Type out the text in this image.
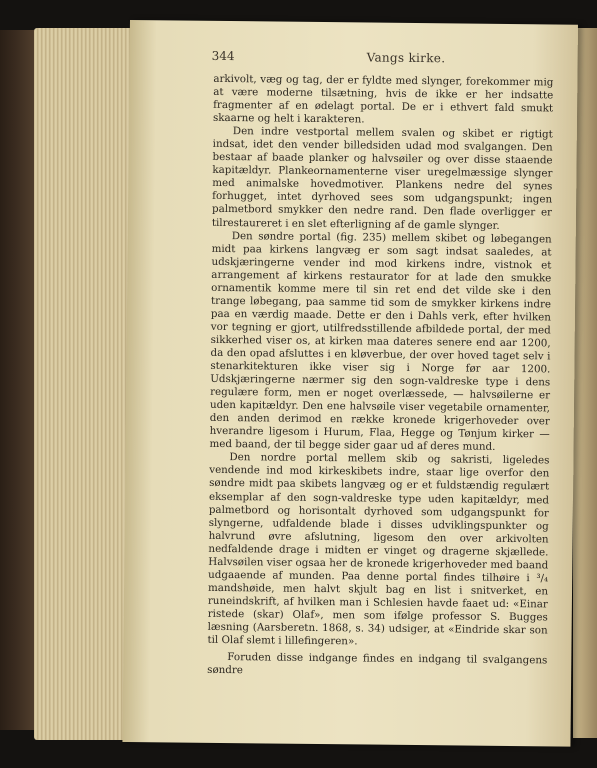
344	Vangs kirke.

arkivolt, væg og tag, der er fyldte med slynger, forekommer mig at være moderne tilsætning, hvis de ikke er her indsatte fragmenter af en ødelagt portal. De er i ethvert fald smukt skaarne og helt i karakteren.

Den indre vestportal mellem svalen og skibet er rigtigt indsat, idet den vender billedsiden udad mod svalgangen. Den bestaar af baade planker og halvsøiler og over disse staaende kapitældyr. Plankeornamenterne viser uregelmæssige slynger med animalske hovedmotiver. Plankens nedre del synes forhugget, intet dyrhoved sees som udgangspunkt; ingen palmetbord smykker den nedre rand. Den flade overligger er tilrestaureret i en slet efterligning af de gamle slynger.

Den søndre portal (fig. 235) mellem skibet og løbegangen midt paa kirkens langvæg er som sagt indsat saaledes, at udskjæringerne vender ind mod kirkens indre, vistnok et arrangement af kirkens restaurator for at lade den smukke ornamentik komme mere til sin ret end det vilde ske i den trange løbegang, paa samme tid som de smykker kirkens indre paa en værdig maade. Dette er den i Dahls verk, efter hvilken vor tegning er gjort, utilfredsstillende afbildede portal, der med sikkerhed viser os, at kirken maa dateres senere end aar 1200, da den opad afsluttes i en kløverbue, der over hoved taget selv i stenarkitekturen ikke viser sig i Norge før aar 1200. Udskjæringerne nærmer sig den sogn-valdreske type i dens regulære form, men er noget overlæssede, — halvsøilerne er uden kapitældyr. Den ene halvsøile viser vegetabile ornamenter, den anden derimod en række kronede krigerhoveder over hverandre ligesom i Hurum, Flaa, Hegge og Tønjum kirker — med baand, der til begge sider gaar ud af deres mund.

Den nordre portal mellem skib og sakristi, ligeledes vendende ind mod kirkeskibets indre, staar lige overfor den søndre midt paa skibets langvæg og er et fuldstændig regulært eksemplar af den sogn-valdreske type uden kapitældyr, med palmetbord og horisontalt dyrhoved som udgangspunkt for slyngerne, udfaldende blade i disses udviklingspunkter og halvrund øvre afslutning, ligesom den over arkivolten nedfaldende drage i midten er vinget og dragerne skjællede. Halvsøilen viser ogsaa her de kronede krigerhoveder med baand udgaaende af munden. Paa denne portal findes tilhøire i ³/₄ mandshøide, men halvt skjult bag en list i snitverket, en runeindskrift, af hvilken man i Schlesien havde faaet ud: «Einar ristede (skar) Olaf», men som ifølge professor S. Bugges læsning (Aarsberetn. 1868, s. 34) udsiger, at «Eindride skar son til Olaf slemt i lillefingeren».

Foruden disse indgange findes en indgang til svalgangens søndre
